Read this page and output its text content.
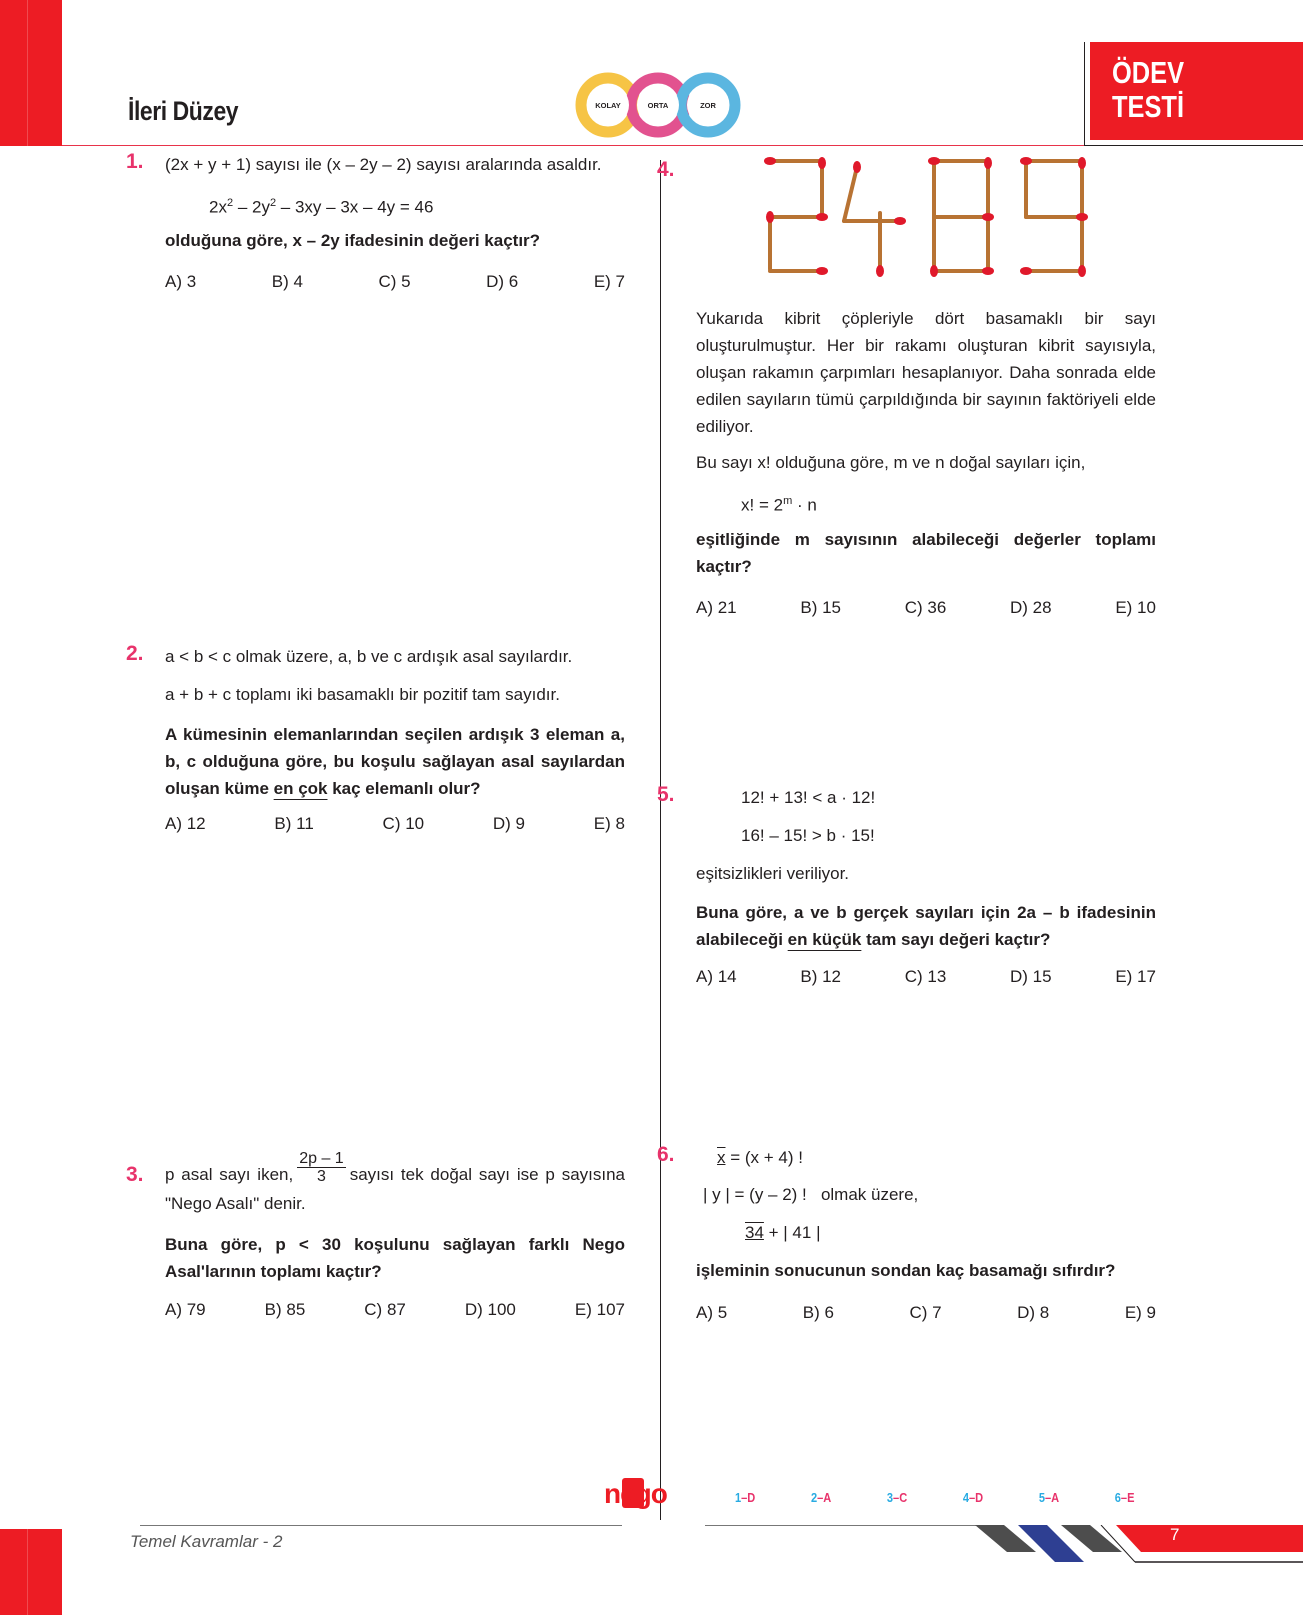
İleri Düzey	KOLAY	ORTA	ZOR
ÖDEV
TESTİ
1. (2x + y + 1) sayısı ile (x – 2y – 2) sayısı aralarında asaldır.
$2x^2 - 2y^2 - 3xy - 3x - 4y = 46$
olduğuna göre, x – 2y ifadesinin değeri kaçtır?
A) 3	B) 4	C) 5	D) 6	E) 7
2. a < b < c olmak üzere, a, b ve c ardışık asal sayılardır.
a + b + c toplamı iki basamaklı bir pozitif tam sayıdır.
A kümesinin elemanlarından seçilen ardışık 3 eleman a, b, c olduğuna göre, bu koşulu sağlayan asal sayılardan oluşan küme en çok kaç elemanlı olur?
A) 12	B) 11	C) 10	D) 9	E) 8
3. p asal sayı iken, $\frac{2p - 1}{3}$ sayısı tek doğal sayı ise p sayısına "Nego Asalı" denir.
Buna göre, p < 30 koşulunu sağlayan farklı Nego Asal'larının toplamı kaçtır?
A) 79	B) 85	C) 87	D) 100	E) 107
4.
Yukarıda kibrit çöpleriyle dört basamaklı bir sayı oluşturulmuştur. Her bir rakamı oluşturan kibrit sayısıyla, oluşan rakamın çarpımları hesaplanıyor. Daha sonrada elde edilen sayıların tümü çarpıldığında bir sayının faktöriyeli elde ediliyor.
Bu sayı x! olduğuna göre, m ve n doğal sayıları için,
x! = $2^m \cdot n$
eşitliğinde m sayısının alabileceği değerler toplamı kaçtır?
A) 21	B) 15	C) 36	D) 28	E) 10
5.	12! + 13! < a · 12!
16! – 15! > b · 15!
eşitsizlikleri veriliyor.
Buna göre, a ve b gerçek sayıları için 2a – b ifadesinin alabileceği en küçük tam sayı değeri kaçtır?
A) 14	B) 12	C) 13	D) 15	E) 17
6. x = (x + 4) !
| y | = (y – 2) ! olmak üzere,
34 + | 41 |
işleminin sonucunun sondan kaç basamağı sıfırdır?
A) 5	B) 6	C) 7	D) 8	E) 9
1–D	2–A	3–C	4–D	5–A	6–E
Temel Kavramlar - 2
nego
7
